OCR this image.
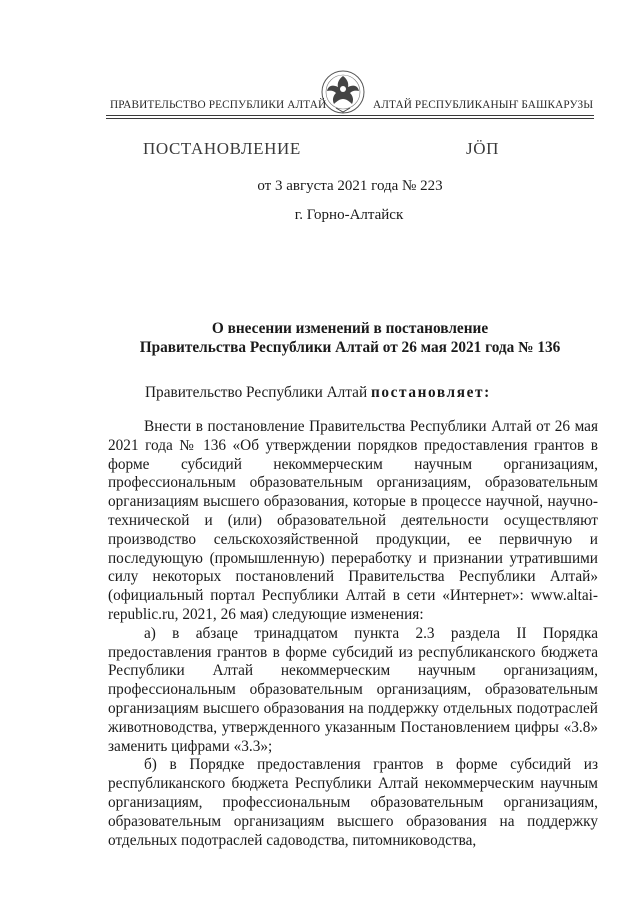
ПРАВИТЕЛЬСТВО РЕСПУБЛИКИ АЛТАЙ	АЛТАЙ РЕСПУБЛИКАНЫҤ БАШКАРУЗЫ
ПОСТАНОВЛЕНИЕ	ЈӦП
от 3 августа 2021 года № 223
г. Горно-Алтайск
О внесении изменений в постановление
Правительства Республики Алтай от 26 мая 2021 года № 136
Правительство Республики Алтай постановляет:

Внести в постановление Правительства Республики Алтай от 26 мая 2021 года № 136 «Об утверждении порядков предоставления грантов в форме субсидий некоммерческим научным организациям, профессиональным образовательным организациям, образовательным организациям высшего образования, которые в процессе научной, научно-технической и (или) образовательной деятельности осуществляют производство сельскохозяйственной продукции, ее первичную и последующую (промышленную) переработку и признании утратившими силу некоторых постановлений Правительства Республики Алтай» (официальный портал Республики Алтай в сети «Интернет»: www.altai-republic.ru, 2021, 26 мая) следующие изменения:

а) в абзаце тринадцатом пункта 2.3 раздела II Порядка предоставления грантов в форме субсидий из республиканского бюджета Республики Алтай некоммерческим научным организациям, профессиональным образовательным организациям, образовательным организациям высшего образования на поддержку отдельных подотраслей животноводства, утвержденного указанным Постановлением цифры «3.8» заменить цифрами «3.3»;

б) в Порядке предоставления грантов в форме субсидий из республиканского бюджета Республики Алтай некоммерческим научным организациям, профессиональным образовательным организациям, образовательным организациям высшего образования на поддержку отдельных подотраслей садоводства, питомниководства,
